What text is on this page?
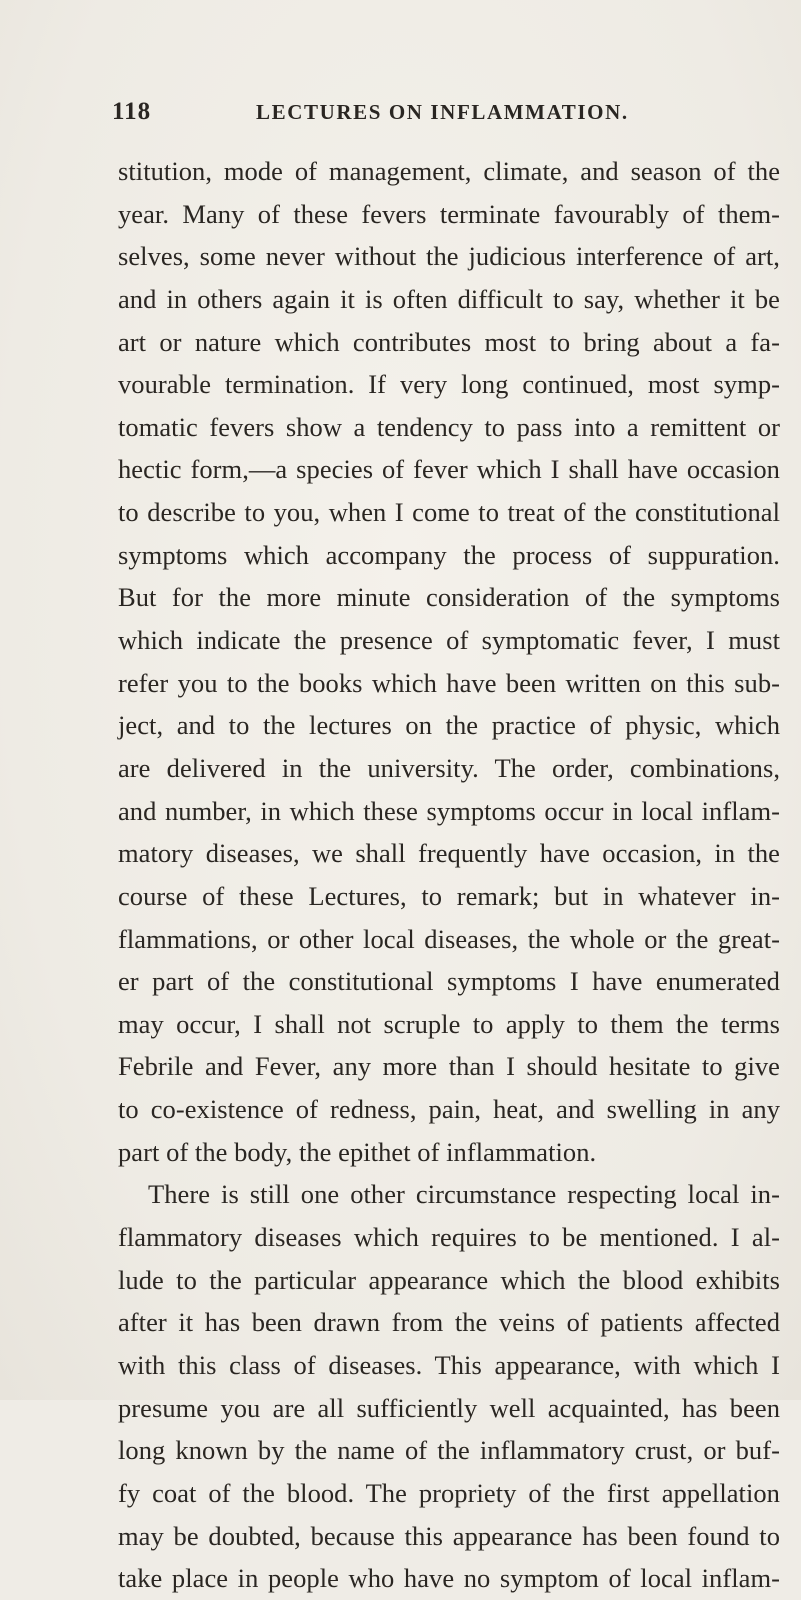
118	LECTURES ON INFLAMMATION.
stitution, mode of management, climate, and season of the
year. Many of these fevers terminate favourably of them-
selves, some never without the judicious interference of art,
and in others again it is often difficult to say, whether it be
art or nature which contributes most to bring about a fa-
vourable termination. If very long continued, most symp-
tomatic fevers show a tendency to pass into a remittent or
hectic form,—a species of fever which I shall have occasion
to describe to you, when I come to treat of the constitutional
symptoms which accompany the process of suppuration.
But for the more minute consideration of the symptoms
which indicate the presence of symptomatic fever, I must
refer you to the books which have been written on this sub-
ject, and to the lectures on the practice of physic, which
are delivered in the university. The order, combinations,
and number, in which these symptoms occur in local inflam-
matory diseases, we shall frequently have occasion, in the
course of these Lectures, to remark; but in whatever in-
flammations, or other local diseases, the whole or the great-
er part of the constitutional symptoms I have enumerated
may occur, I shall not scruple to apply to them the terms
Febrile and Fever, any more than I should hesitate to give
to co-existence of redness, pain, heat, and swelling in any
part of the body, the epithet of inflammation.
There is still one other circumstance respecting local in-
flammatory diseases which requires to be mentioned. I al-
lude to the particular appearance which the blood exhibits
after it has been drawn from the veins of patients affected
with this class of diseases. This appearance, with which I
presume you are all sufficiently well acquainted, has been
long known by the name of the inflammatory crust, or buf-
fy coat of the blood. The propriety of the first appellation
may be doubted, because this appearance has been found to
take place in people who have no symptom of local inflam-
